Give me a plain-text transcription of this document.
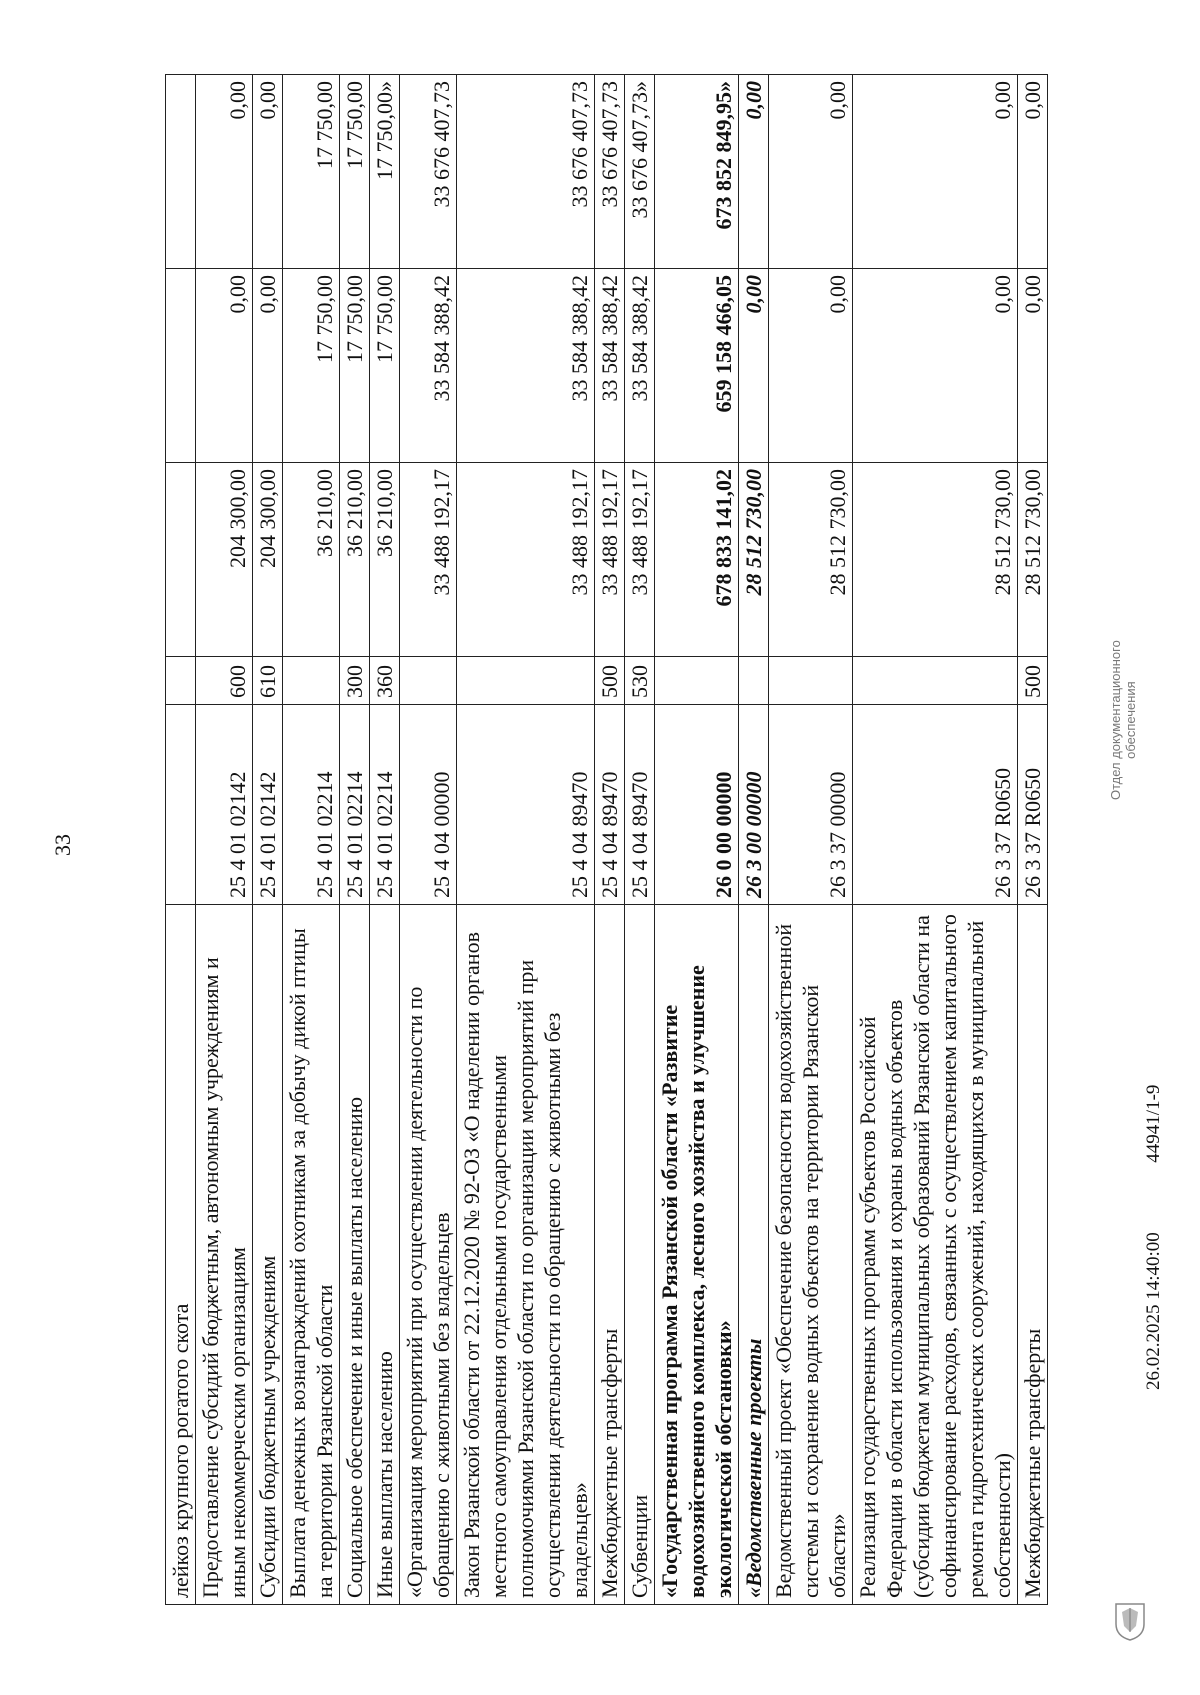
33
лейкоз крупного рогатого скота					
Предоставление субсидий бюджетным, автономным учреждениям и иным некоммерческим организациям	25 4 01 02142	600	204 300,00	0,00	0,00
Субсидии бюджетным учреждениям	25 4 01 02142	610	204 300,00	0,00	0,00
Выплата денежных вознаграждений охотникам за добычу дикой птицы на территории Рязанской области	25 4 01 02214		36 210,00	17 750,00	17 750,00
Социальное обеспечение и иные выплаты населению	25 4 01 02214	300	36 210,00	17 750,00	17 750,00
Иные выплаты населению	25 4 01 02214	360	36 210,00	17 750,00	17 750,00»
«Организация мероприятий при осуществлении деятельности по обращению с животными без владельцев	25 4 04 00000		33 488 192,17	33 584 388,42	33 676 407,73
Закон Рязанской области от 22.12.2020 № 92-ОЗ «О наделении органов местного самоуправления отдельными государственными полномочиями Рязанской области по организации мероприятий при осуществлении деятельности по обращению с животными без владельцев»	25 4 04 89470		33 488 192,17	33 584 388,42	33 676 407,73
Межбюджетные трансферты	25 4 04 89470	500	33 488 192,17	33 584 388,42	33 676 407,73
Субвенции	25 4 04 89470	530	33 488 192,17	33 584 388,42	33 676 407,73»
«Государственная программа Рязанской области «Развитие водохозяйственного комплекса, лесного хозяйства и улучшение экологической обстановки»	26 0 00 00000		678 833 141,02	659 158 466,05	673 852 849,95»
«Ведомственные проекты	26 3 00 00000		28 512 730,00	0,00	0,00
Ведомственный проект «Обеспечение безопасности водохозяйственной системы и сохранение водных объектов на территории Рязанской области»	26 3 37 00000		28 512 730,00	0,00	0,00
Реализация государственных программ субъектов Российской Федерации в области использования и охраны водных объектов (субсидии бюджетам муниципальных образований Рязанской области на софинансирование расходов, связанных с осуществлением капитального ремонта гидротехнических сооружений, находящихся в муниципальной собственности)	26 3 37 R0650		28 512 730,00	0,00	0,00
Межбюджетные трансферты	26 3 37 R0650	500	28 512 730,00	0,00	0,00
Отдел документационного обеспечения
26.02.2025 14:40:00  44941/1-9
